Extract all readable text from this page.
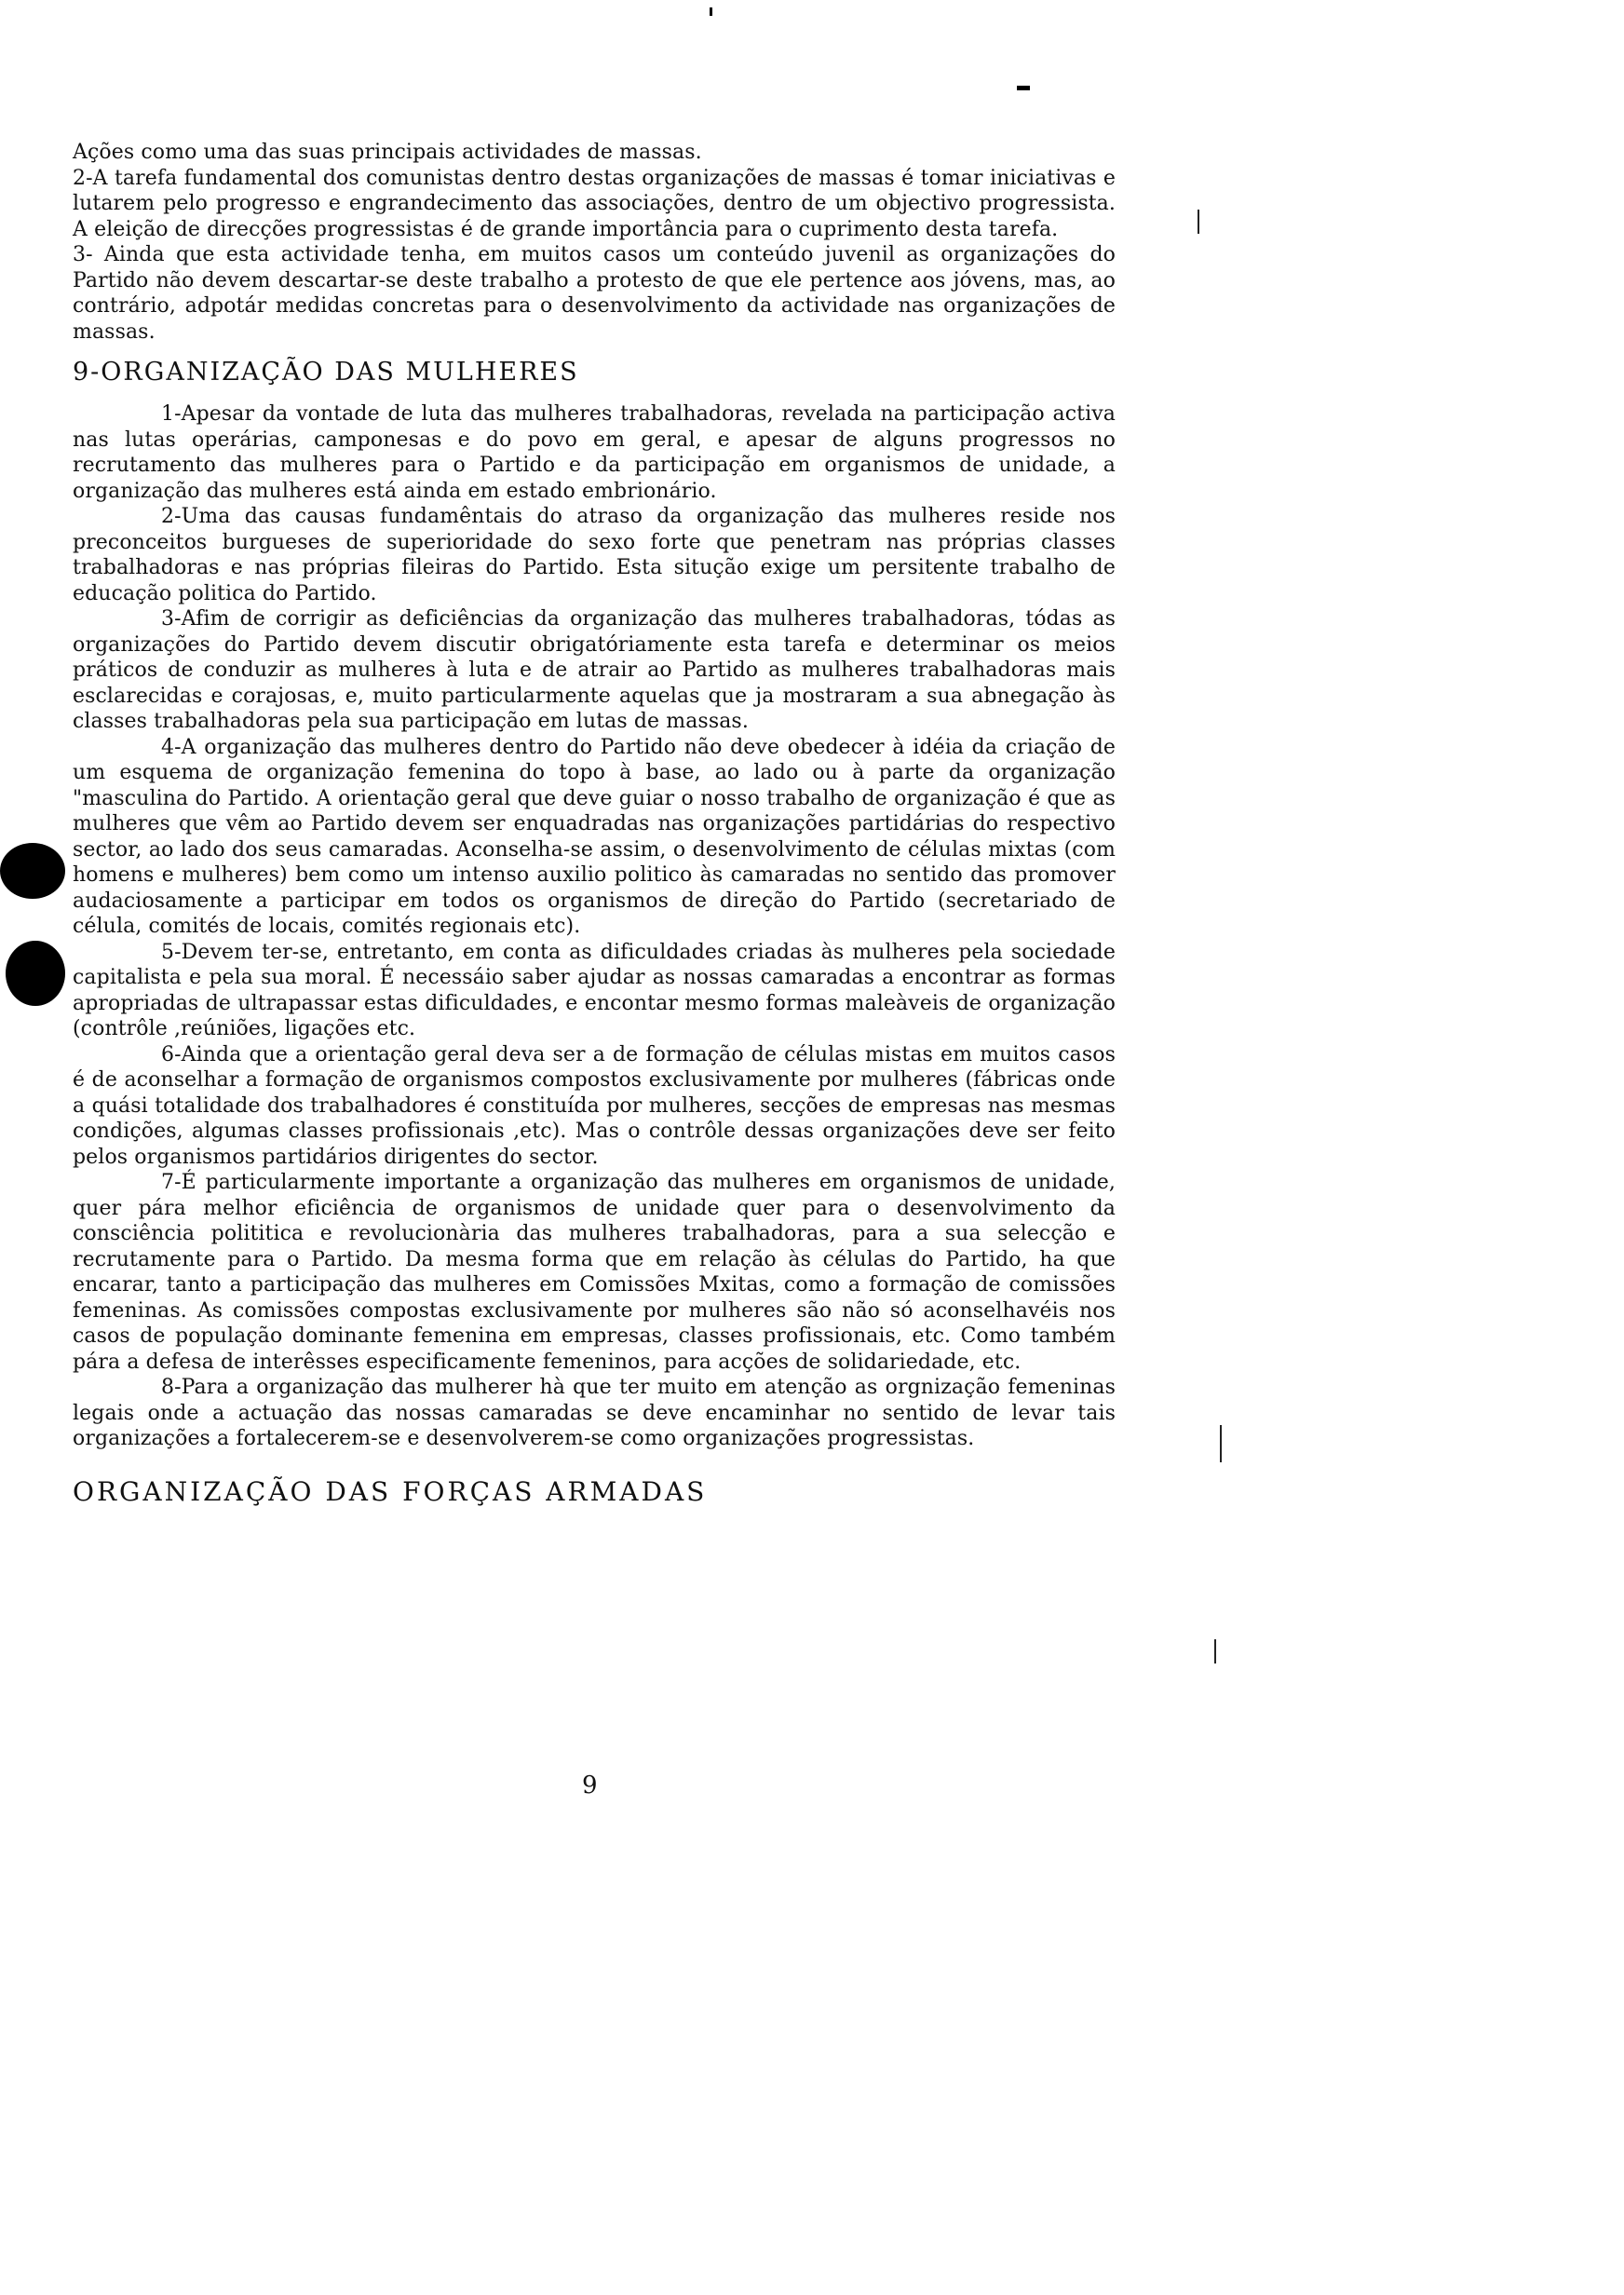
Ações como uma das suas principais actividades de massas.

2-A tarefa fundamental dos comunistas dentro destas organizações de massas é tomar iniciativas e lutarem pelo progresso e engrandecimento das associações, dentro de um objectivo progressista. A eleição de direcções progressistas é de grande importância para o cuprimento desta tarefa.

3- Ainda que esta actividade tenha, em muitos casos um conteúdo juvenil as organizações do Partido não devem descartar-se deste trabalho a protesto de que ele pertence aos jóvens, mas, ao contrário, adpotár medidas concretas para o desenvolvimento da actividade nas organizações de massas.

9-ORGANIZAÇÃO DAS MULHERES

1-Apesar da vontade de luta das mulheres trabalhadoras, revelada na participação activa nas lutas operárias, camponesas e do povo em geral, e apesar de alguns progressos no recrutamento das mulheres para o Partido e da participação em organismos de unidade, a organização das mulheres está ainda em estado embrionário.

2-Uma das causas fundamêntais do atraso da organização das mulheres reside nos preconceitos burgueses de superioridade do sexo forte que penetram nas próprias classes trabalhadoras e nas próprias fileiras do Partido. Esta situção exige um persitente trabalho de educação politica do Partido.

3-Afim de corrigir as deficiências da organização das mulheres trabalhadoras, tódas as organizações do Partido devem discutir obrigatóriamente esta tarefa e determinar os meios práticos de conduzir as mulheres à luta e de atrair ao Partido as mulheres trabalhadoras mais esclarecidas e corajosas, e, muito particularmente aquelas que ja mostraram a sua abnegação às classes trabalhadoras pela sua participação em lutas de massas.

4-A organização das mulheres dentro do Partido não deve obedecer à idéia da criação de um esquema de organização femenina do topo à base, ao lado ou à parte da organização "masculina do Partido. A orientação geral que deve guiar o nosso trabalho de organização é que as mulheres que vêm ao Partido devem ser enquadradas nas organizações partidárias do respectivo sector, ao lado dos seus camaradas. Aconselha-se assim, o desenvolvimento de células mixtas (com homens e mulheres) bem como um intenso auxilio politico às camaradas no sentido das promover audaciosamente a participar em todos os organismos de direção do Partido (secretariado de célula, comités de locais, comités regionais etc).

5-Devem ter-se, entretanto, em conta as dificuldades criadas às mulheres pela sociedade capitalista e pela sua moral. É necessáio saber ajudar as nossas camaradas a encontrar as formas apropriadas de ultrapassar estas dificuldades, e encontar mesmo formas maleàveis de organização (contrôle ,reúniões, ligações etc.

6-Ainda que a orientação geral deva ser a de formação de células mistas em muitos casos é de aconselhar a formação de organismos compostos exclusivamente por mulheres (fábricas onde a quási totalidade dos trabalhadores é constituída por mulheres, secções de empresas nas mesmas condições, algumas classes profissionais ,etc). Mas o contrôle dessas organizações deve ser feito pelos organismos partidários dirigentes do sector.

7-É particularmente importante a organização das mulheres em organismos de unidade, quer pára melhor eficiência de organismos de unidade quer para o desenvolvimento da consciência polititica e revolucionària das mulheres trabalhadoras, para a sua selecção e recrutamente para o Partido. Da mesma forma que em relação às células do Partido, ha que encarar, tanto a participação das mulheres em Comissões Mxitas, como a formação de comissões femeninas. As comissões compostas exclusivamente por mulheres são não só aconselhavéis nos casos de população dominante femenina em empresas, classes profissionais, etc. Como também pára a defesa de interêsses especificamente femeninos, para acções de solidariedade, etc.

8-Para a organização das mulherer hà que ter muito em atenção as orgnização femeninas legais onde a actuação das nossas camaradas se deve encaminhar no sentido de levar tais organizações a fortalecerem-se e desenvolverem-se como organizações progressistas.

ORGANIZAÇÃO DAS FORÇAS ARMADAS
9
